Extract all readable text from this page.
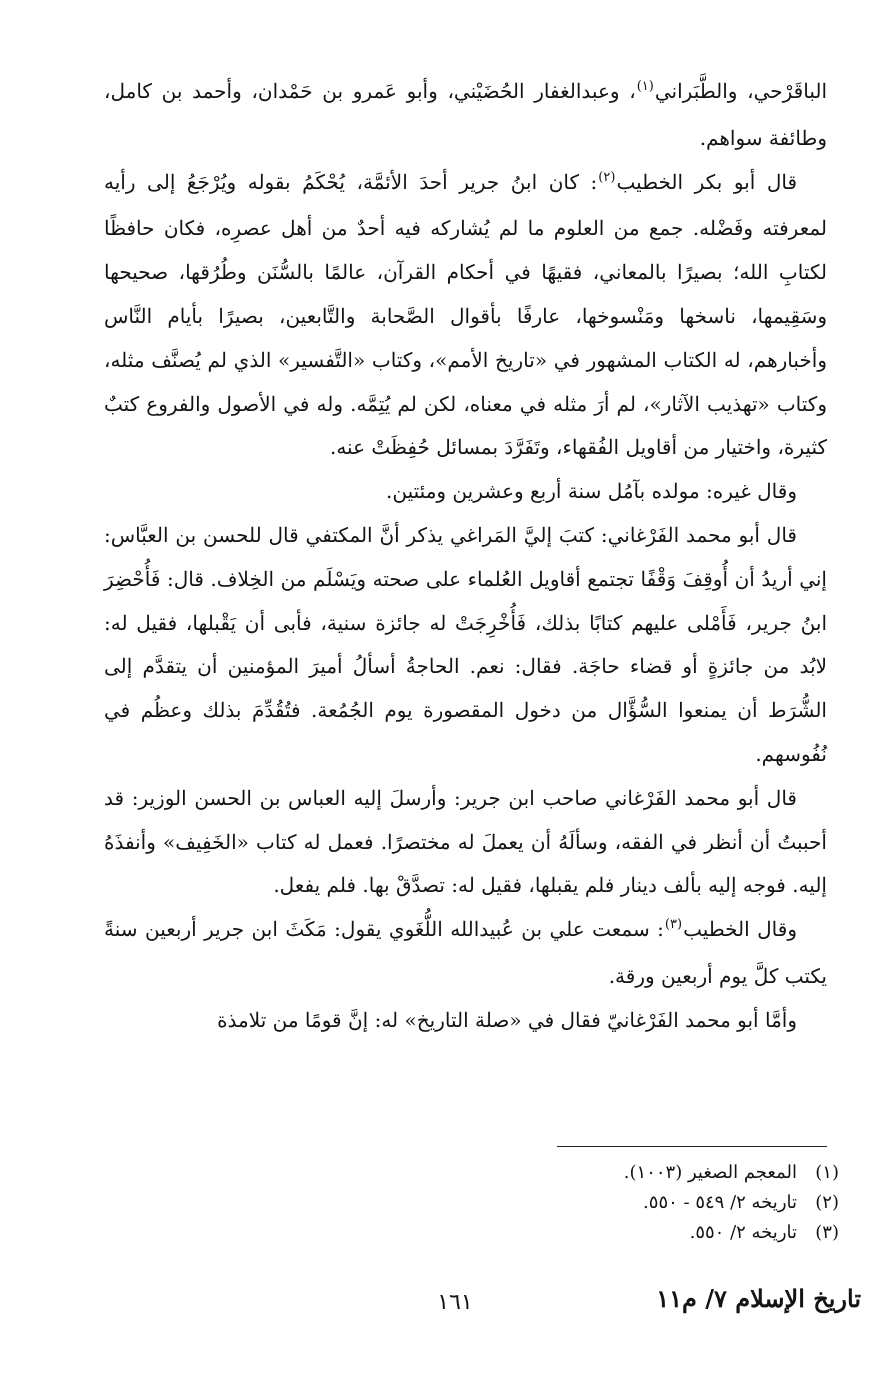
الباقَرْحي، والطَّبَراني$^{(١)}$، وعبدالغفار الحُضَيْني، وأبو عَمرو بن حَمْدان، وأحمد بن كامل، وطائفة سواهم.

قال أبو بكر الخطيب$^{(٢)}$: كان ابنُ جرير أحدَ الأئمَّة، يُحْكَمُ بقوله ويُرْجَعُ إلى رأيه لمعرفته وفَضْله. جمع من العلوم ما لم يُشاركه فيه أحدٌ من أهل عصرِه، فكان حافظًا لكتابِ الله؛ بصيرًا بالمعاني، فقيهًا في أحكام القرآن، عالمًا بالسُّنَن وطُرُقها، صحيحها وسَقِيمها، ناسخها ومَنْسوخها، عارفًا بأقوال الصَّحابة والتَّابعين، بصيرًا بأيام النَّاس وأخبارهم، له الكتاب المشهور في «تاريخ الأمم»، وكتاب «التَّفسير» الذي لم يُصنَّف مثله، وكتاب «تهذيب الآثار»، لم أرَ مثله في معناه، لكن لم يُتِمَّه. وله في الأصول والفروع كتبٌ كثيرة، واختيار من أقاويل الفُقهاء، وتَفَرَّدَ بمسائل حُفِظَتْ عنه.

وقال غيره: مولده بآمُل سنة أربع وعشرين ومئتين.

قال أبو محمد الفَرْغاني: كتبَ إليَّ المَراغي يذكر أنَّ المكتفي قال للحسن بن العبَّاس: إني أريدُ أن أُوقِفَ وَقْفًا تجتمع أقاويل العُلماء على صحته ويَسْلَم من الخِلاف. قال: فَأُحْضِرَ ابنُ جرير، فَأَمْلى عليهم كتابًا بذلك، فَأُخْرِجَتْ له جائزة سنية، فأبى أن يَقْبلها، فقيل له: لابُد من جائزةٍ أو قضاء حاجَة. فقال: نعم. الحاجةُ أسألُ أميرَ المؤمنين أن يتقدَّم إلى الشُّرَط أن يمنعوا السُّؤَّال من دخول المقصورة يوم الجُمُعة. فتُقُدِّمَ بذلك وعظُم في نُفُوسهم.

قال أبو محمد الفَرْغاني صاحب ابن جرير: وأرسلَ إليه العباس بن الحسن الوزير: قد أحببتُ أن أنظر في الفقه، وسألَهُ أن يعملَ له مختصرًا. فعمل له كتاب «الخَفِيف» وأنفذَهُ إليه. فوجه إليه بألف دينار فلم يقبلها، فقيل له: تصدَّقْ بها. فلم يفعل.

وقال الخطيب$^{(٣)}$: سمعت علي بن عُبيدالله اللُّغَوي يقول: مَكَثَ ابن جرير أربعين سنةً يكتب كلَّ يوم أربعين ورقة.

وأمَّا أبو محمد الفَرْغانيّ فقال في «صلة التاريخ» له: إنَّ قومًا من تلامذة

(١)
المعجم الصغير (١٠٠٣).
(٢)
تاريخه ٢/ ٥٤٩ - ٥٥٠.
(٣)
تاريخه ٢/ ٥٥٠.
١٦١	تاريخ الإسلام ٧/ م١١
